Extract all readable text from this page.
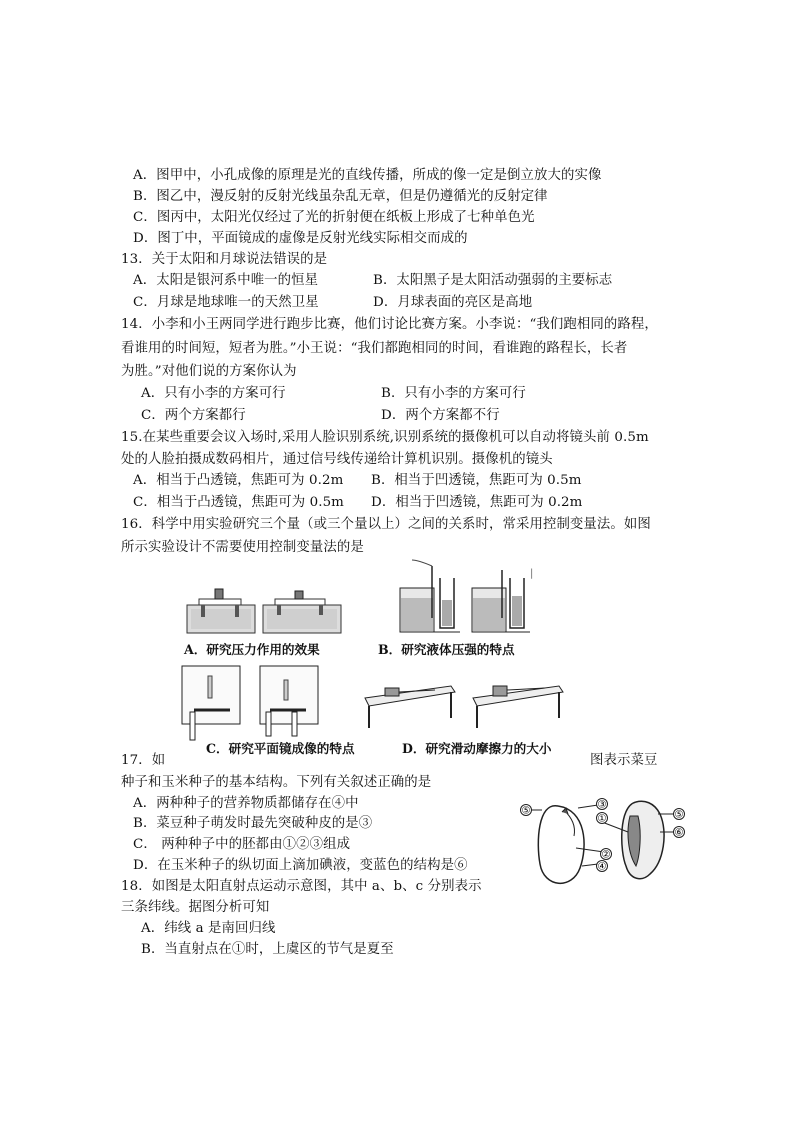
A．图甲中，小孔成像的原理是光的直线传播，所成的像一定是倒立放大的实像
B．图乙中，漫反射的反射光线虽杂乱无章，但是仍遵循光的反射定律
C．图丙中，太阳光仅经过了光的折射便在纸板上形成了七种单色光
D．图丁中，平面镜成的虚像是反射光线实际相交而成的
13．关于太阳和月球说法错误的是
A．太阳是银河系中唯一的恒星	B．太阳黑子是太阳活动强弱的主要标志
C．月球是地球唯一的天然卫星	D．月球表面的亮区是高地
14．小李和小王两同学进行跑步比赛，他们讨论比赛方案。小李说：“我们跑相同的路程，
看谁用的时间短，短者为胜。”小王说：“我们都跑相同的时间，看谁跑的路程长，长者
为胜。”对他们说的方案你认为
A．只有小李的方案可行	B．只有小李的方案可行
C．两个方案都行	D．两个方案都不行
15.在某些重要会议入场时,采用人脸识别系统,识别系统的摄像机可以自动将镜头前 0.5m
处的人脸拍摄成数码相片，通过信号线传递给计算机识别。摄像机的镜头
A．相当于凸透镜，焦距可为 0.2m B．相当于凹透镜，焦距可为 0.5m
C．相当于凸透镜，焦距可为 0.5m D．相当于凹透镜，焦距可为 0.2m
16．科学中用实验研究三个量（或三个量以上）之间的关系时，常采用控制变量法。如图
所示实验设计不需要使用控制变量法的是
A．研究压力作用的效果
|
B．研究液体压强的特点
C．研究平面镜成像的特点	D．研究滑动摩擦力的大小
17．如	图表示菜豆
种子和玉米种子的基本结构。下列有关叙述正确的是
A．两种种子的营养物质都储存在④中
B．菜豆种子萌发时最先突破种皮的是③
C． 两种种子中的胚都由①②③组成
D．在玉米种子的纵切面上滴加碘液，变蓝色的结构是⑥
⑤
③
①
②
④
⑤
⑥
18．如图是太阳直射点运动示意图，其中 a、b、c 分别表示
三条纬线。据图分析可知
A．纬线 a 是南回归线
B．当直射点在①时，上虞区的节气是夏至
